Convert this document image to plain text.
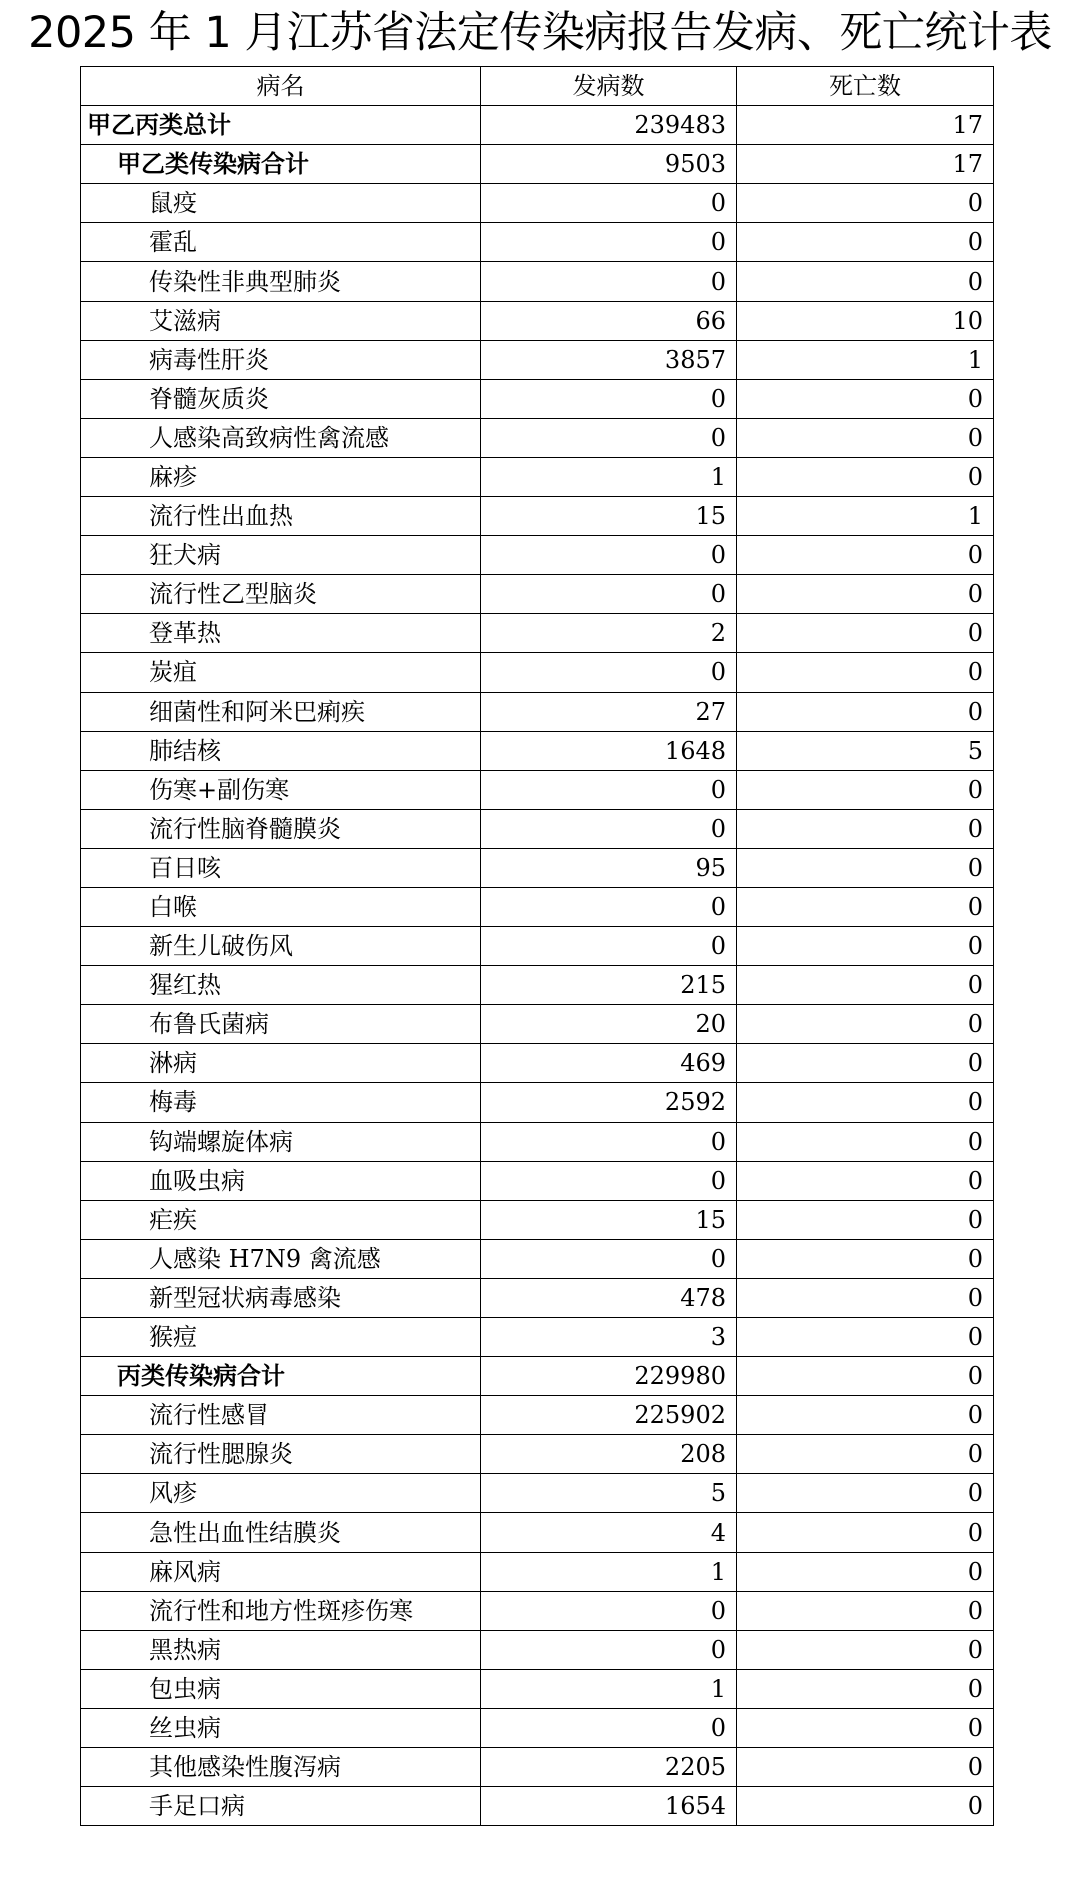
2025 年 1 月江苏省法定传染病报告发病、死亡统计表
病名	发病数	死亡数
甲乙丙类总计	239483	17
甲乙类传染病合计	9503	17
鼠疫	0	0
霍乱	0	0
传染性非典型肺炎	0	0
艾滋病	66	10
病毒性肝炎	3857	1
脊髓灰质炎	0	0
人感染高致病性禽流感	0	0
麻疹	1	0
流行性出血热	15	1
狂犬病	0	0
流行性乙型脑炎	0	0
登革热	2	0
炭疽	0	0
细菌性和阿米巴痢疾	27	0
肺结核	1648	5
伤寒+副伤寒	0	0
流行性脑脊髓膜炎	0	0
百日咳	95	0
白喉	0	0
新生儿破伤风	0	0
猩红热	215	0
布鲁氏菌病	20	0
淋病	469	0
梅毒	2592	0
钩端螺旋体病	0	0
血吸虫病	0	0
疟疾	15	0
人感染 H7N9 禽流感	0	0
新型冠状病毒感染	478	0
猴痘	3	0
丙类传染病合计	229980	0
流行性感冒	225902	0
流行性腮腺炎	208	0
风疹	5	0
急性出血性结膜炎	4	0
麻风病	1	0
流行性和地方性斑疹伤寒	0	0
黑热病	0	0
包虫病	1	0
丝虫病	0	0
其他感染性腹泻病	2205	0
手足口病	1654	0
